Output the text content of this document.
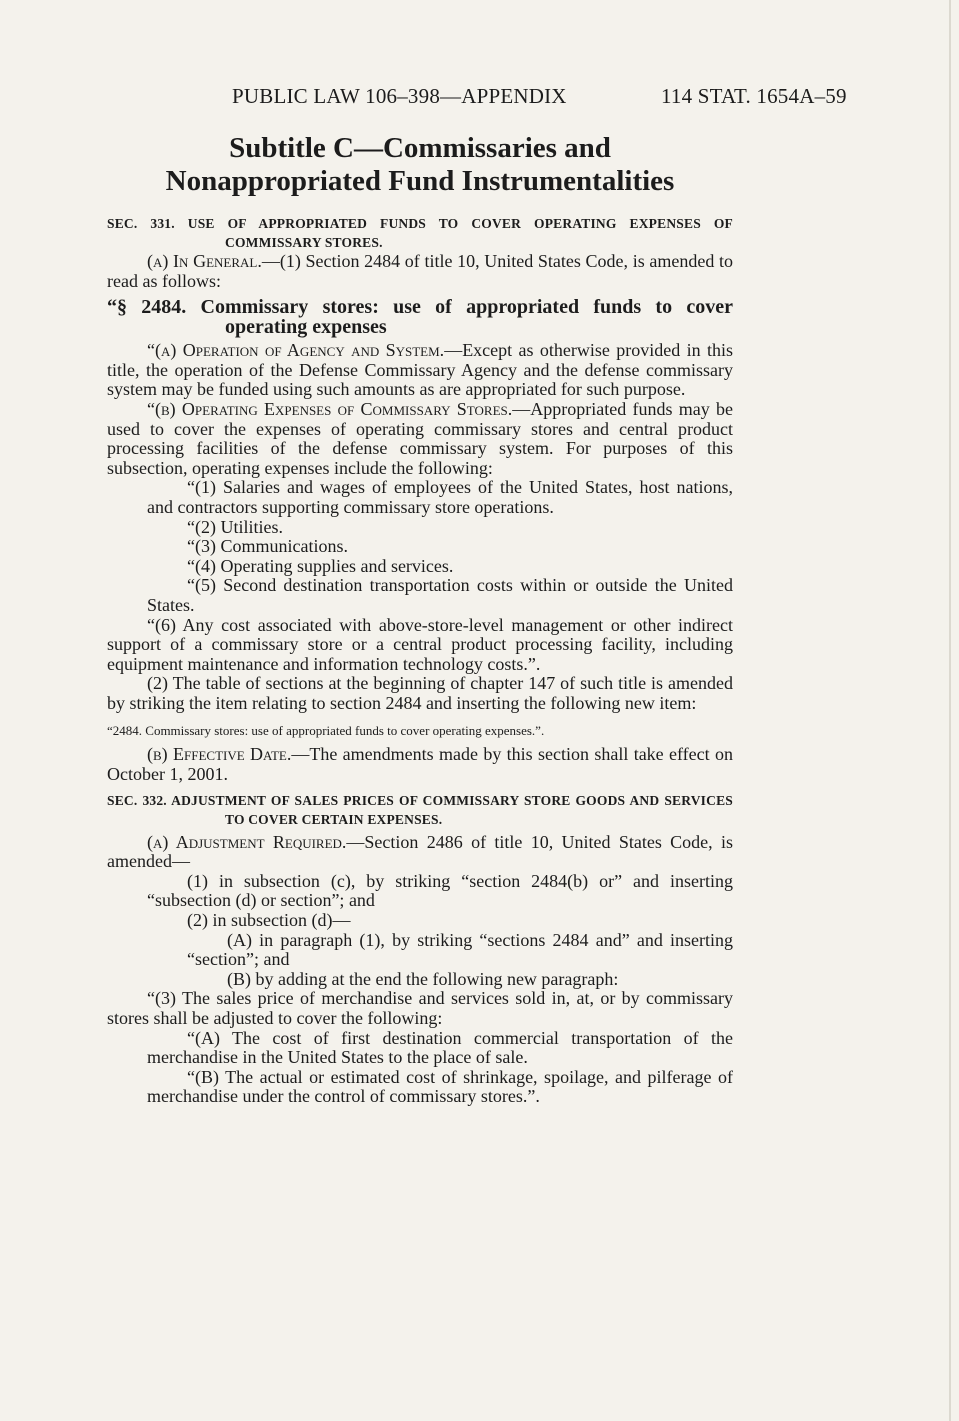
PUBLIC LAW 106–398—APPENDIX	114 STAT. 1654A–59
Subtitle C—Commissaries and
Nonappropriated Fund Instrumentalities

SEC. 331. USE OF APPROPRIATED FUNDS TO COVER OPERATING EXPENSES OF COMMISSARY STORES.

(a) In General.—(1) Section 2484 of title 10, United States Code, is amended to read as follows:

“§ 2484. Commissary stores: use of appropriated funds to cover operating expenses

“(a) Operation of Agency and System.—Except as otherwise provided in this title, the operation of the Defense Commissary Agency and the defense commissary system may be funded using such amounts as are appropriated for such purpose.

“(b) Operating Expenses of Commissary Stores.—Appropriated funds may be used to cover the expenses of operating commissary stores and central product processing facilities of the defense commissary system. For purposes of this subsection, operating expenses include the following:

“(1) Salaries and wages of employees of the United States, host nations, and contractors supporting commissary store operations.

“(2) Utilities.

“(3) Communications.

“(4) Operating supplies and services.

“(5) Second destination transportation costs within or outside the United States.

“(6) Any cost associated with above-store-level management or other indirect support of a commissary store or a central product processing facility, including equipment maintenance and information technology costs.”.

(2) The table of sections at the beginning of chapter 147 of such title is amended by striking the item relating to section 2484 and inserting the following new item:

“2484. Commissary stores: use of appropriated funds to cover operating expenses.”.

(b) Effective Date.—The amendments made by this section shall take effect on October 1, 2001.

SEC. 332. ADJUSTMENT OF SALES PRICES OF COMMISSARY STORE GOODS AND SERVICES TO COVER CERTAIN EXPENSES.

(a) Adjustment Required.—Section 2486 of title 10, United States Code, is amended—

(1) in subsection (c), by striking “section 2484(b) or” and inserting “subsection (d) or section”; and

(2) in subsection (d)—

(A) in paragraph (1), by striking “sections 2484 and” and inserting “section”; and

(B) by adding at the end the following new paragraph:

“(3) The sales price of merchandise and services sold in, at, or by commissary stores shall be adjusted to cover the following:

“(A) The cost of first destination commercial transportation of the merchandise in the United States to the place of sale.

“(B) The actual or estimated cost of shrinkage, spoilage, and pilferage of merchandise under the control of commissary stores.”.
